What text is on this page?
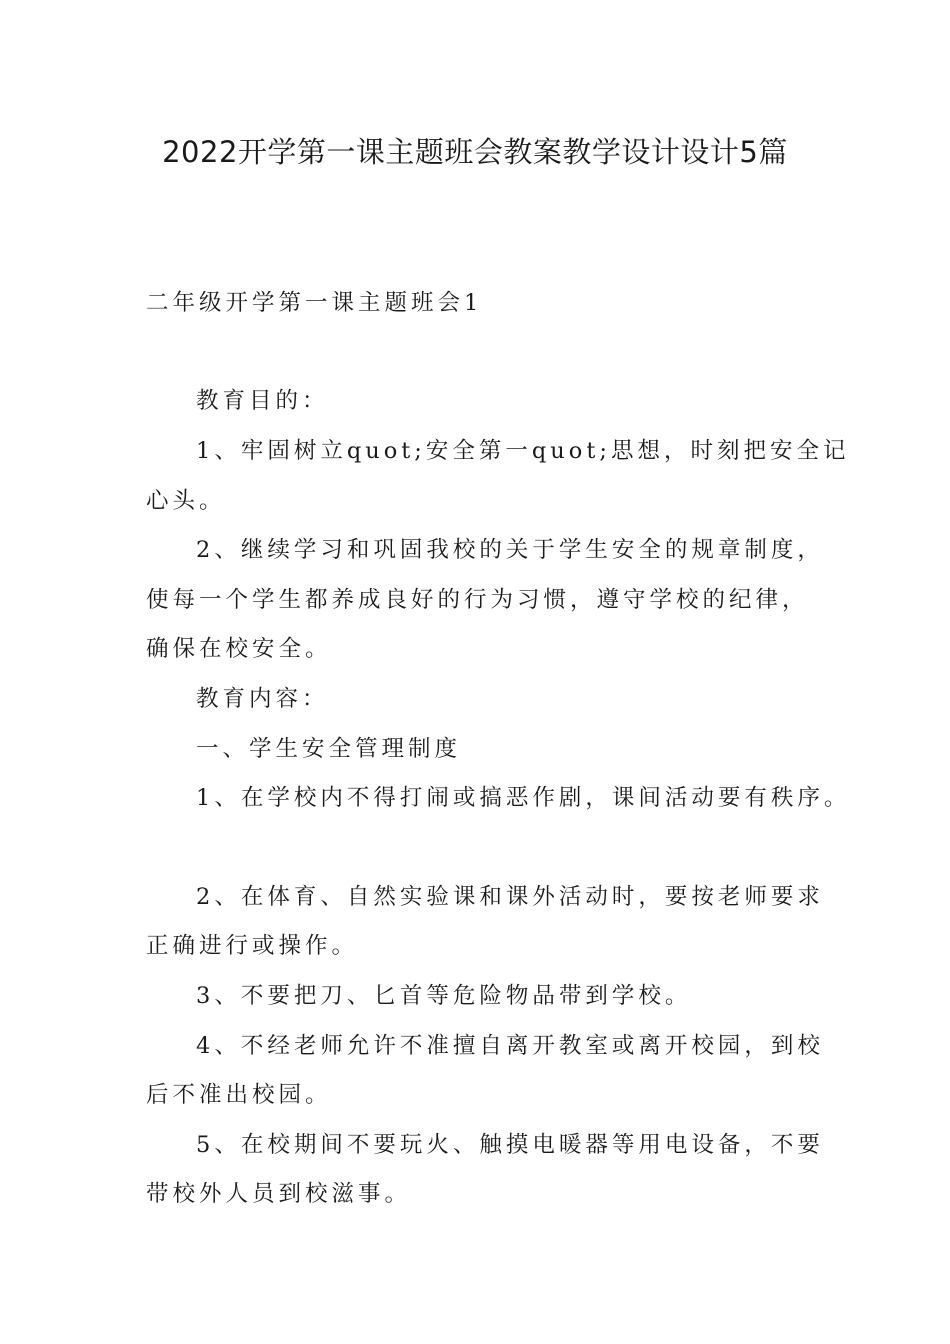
2022开学第一课主题班会教案教学设计设计5篇
二年级开学第一课主题班会1
教育目的：
1、牢固树立quot;安全第一quot;思想，时刻把安全记
心头。
2、继续学习和巩固我校的关于学生安全的规章制度，
使每一个学生都养成良好的行为习惯，遵守学校的纪律，
确保在校安全。
教育内容：
一、学生安全管理制度
1、在学校内不得打闹或搞恶作剧，课间活动要有秩序。
2、在体育、自然实验课和课外活动时，要按老师要求
正确进行或操作。
3、不要把刀、匕首等危险物品带到学校。
4、不经老师允许不准擅自离开教室或离开校园，到校
后不准出校园。
5、在校期间不要玩火、触摸电暖器等用电设备，不要
带校外人员到校滋事。
